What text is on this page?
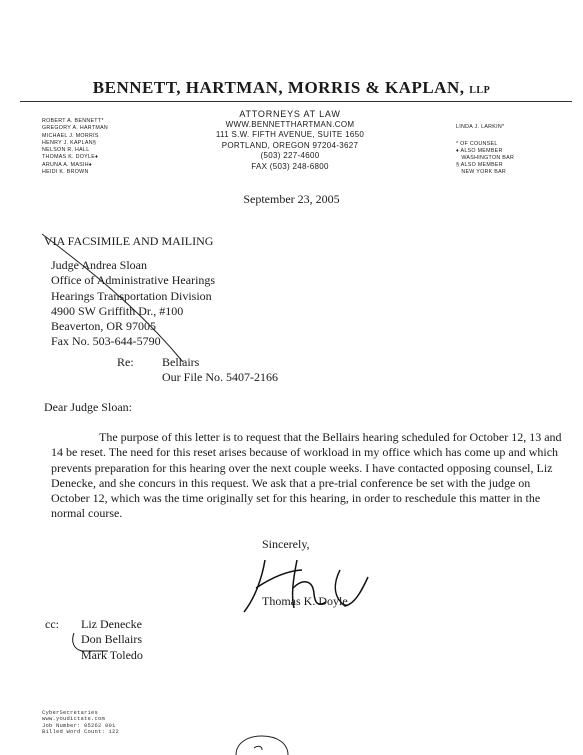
BENNETT, HARTMAN, MORRIS & KAPLAN, LLP
ROBERT A. BENNETT*
GREGORY A. HARTMAN
MICHAEL J. MORRIS
HENRY J. KAPLAN§
NELSON R. HALL
THOMAS K. DOYLE♦
ARUNA A. MASIH♦
HEIDI K. BROWN
ATTORNEYS AT LAW
WWW.BENNETTHARTMAN.COM
111 S.W. FIFTH AVENUE, SUITE 1650
PORTLAND, OREGON 97204-3627
(503) 227-4600
FAX (503) 248-6800
LINDA J. LARKIN*
* OF COUNSEL
♦ ALSO MEMBER
WASHINGTON BAR
§ ALSO MEMBER
NEW YORK BAR
September 23, 2005
VIA FACSIMILE AND MAILING
Judge Andrea Sloan
Office of Administrative Hearings
Hearings Transportation Division
4900 SW Griffith Dr., #100
Beaverton, OR 97005
Fax No. 503-644-5790
Re: Bellairs
Our File No. 5407-2166
Dear Judge Sloan:
The purpose of this letter is to request that the Bellairs hearing scheduled for October 12, 13 and 14 be reset. The need for this reset arises because of workload in my office which has come up and which prevents preparation for this hearing over the next couple weeks. I have contacted opposing counsel, Liz Denecke, and she concurs in this request. We ask that a pre-trial conference be set with the judge on October 12, which was the time originally set for this hearing, in order to reschedule this matter in the normal course.
Sincerely,
Thomas K. Doyle
cc: Liz Denecke
Don Bellairs
Mark Toledo
CyberSecretaries
www.youdictate.com
Job Number: 05262 001
Billed Word Count: 122
